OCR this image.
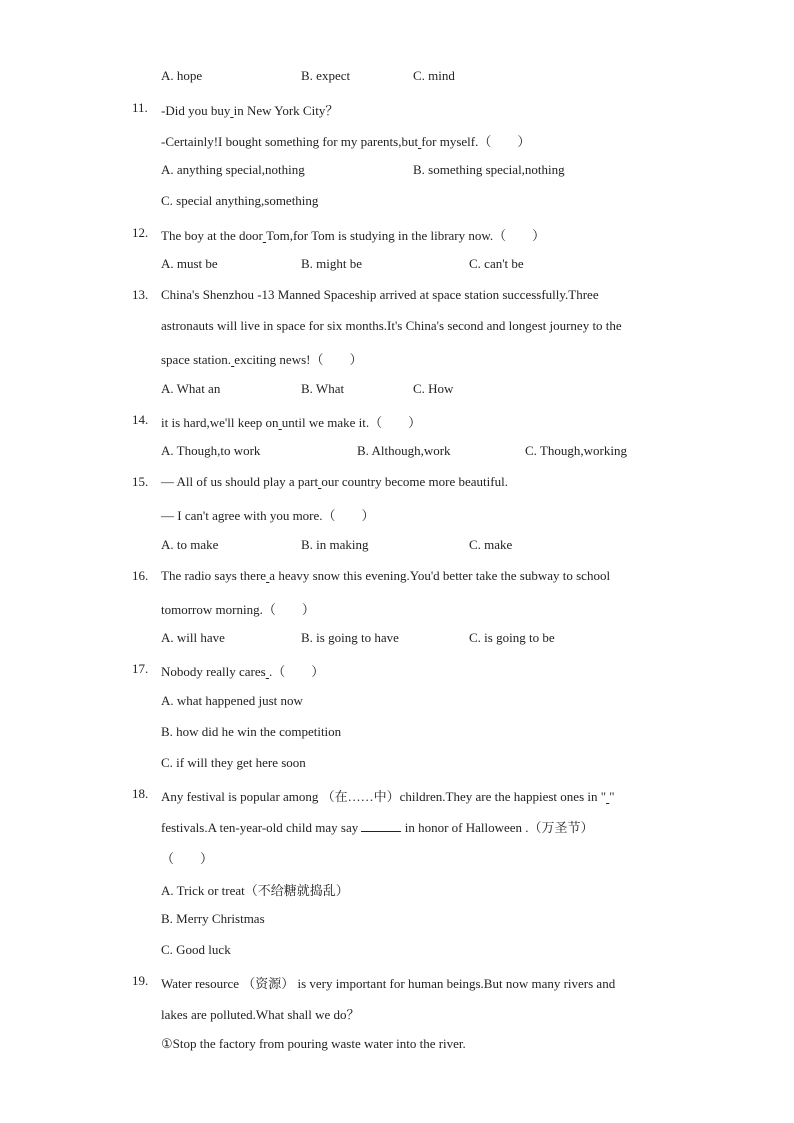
A. hope	B. expect	C. mind
11. -Did you buy in New York City？
-Certainly!I bought something for my parents,but for myself.（　　）
A. anything special,nothing	B. something special,nothing
C. special anything,something
12. The boy at the door Tom,for Tom is studying in the library now.（　　）
A. must be	B. might be	C. can't be
13. China's Shenzhou -13 Manned Spaceship arrived at space station successfully.Three
astronauts will live in space for six months.It's China's second and longest journey to the
space station. exciting news!（　　）
A. What an	B. What	C. How
14. it is hard,we'll keep on until we make it.（　　）
A. Though,to work	B. Although,work	C. Though,working
15. — All of us should play a part our country become more beautiful.
— I can't agree with you more.（　　）
A. to make	B. in making	C. make
16. The radio says there a heavy snow this evening.You'd better take the subway to school
tomorrow morning.（　　）
A. will have	B. is going to have	C. is going to be
17. Nobody really cares .（　　）
A. what happened just now
B. how did he win the competition
C. if will they get here soon
18. Any festival is popular among （在……中）children.They are the happiest ones in " "
festivals.A ten-year-old child may say	in honor of Halloween .（万圣节）
（　　）
A. Trick or treat（不给糖就捣乱）
B. Merry Christmas
C. Good luck
19. Water resource （资源） is very important for human beings.But now many rivers and
lakes are polluted.What shall we do？
①Stop the factory from pouring waste water into the river.
